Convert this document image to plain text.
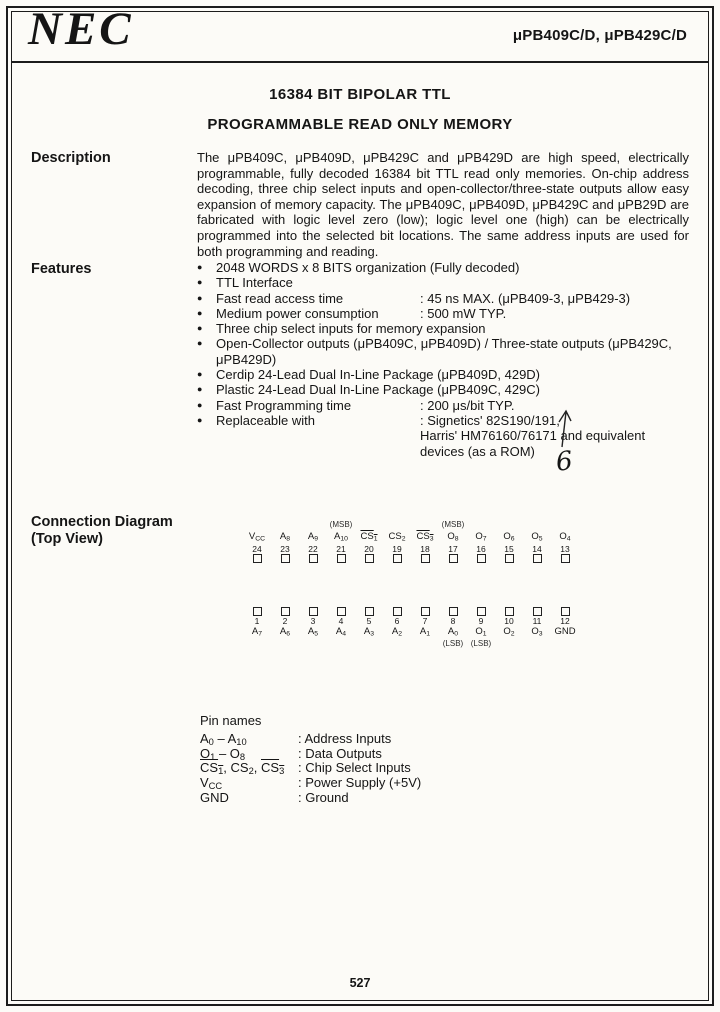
NEC	μPB409C/D, μPB429C/D
16384 BIT BIPOLAR TTL
PROGRAMMABLE READ ONLY MEMORY
Description	The μPB409C, μPB409D, μPB429C and μPB429D are high speed, electrically programmable, fully decoded 16384 bit TTL read only memories. On-chip address decoding, three chip select inputs and open-collector/three-state outputs allow easy expansion of memory capacity. The μPB409C, μPB409D, μPB429C and μPB29D are fabricated with logic level zero (low); logic level one (high) can be electrically programmed into the selected bit locations. The same address inputs are used for both programming and reading.

Features	●	2048 WORDS x 8 BITS organization (Fully decoded)
●	TTL Interface
●	Fast read access time	: 45 ns MAX. (μPB409-3, μPB429-3)
●	Medium power consumption	: 500 mW TYP.
●	Three chip select inputs for memory expansion
●	Open-Collector outputs (μPB409C, μPB409D) / Three-state outputs (μPB429C, μPB429D)
●	Cerdip 24-Lead Dual In-Line Package (μPB409D, 429D)
●	Plastic 24-Lead Dual In-Line Package (μPB409C, 429C)
●	Fast Programming time	: 200 μs/bit TYP.
●	Replaceable with	: Signetics' 82S190/191,
Harris' HM76160/76171 and equivalent
devices (as a ROM) 6
Connection Diagram
(Top View)
(MSB)	(MSB)
$V_{CC}$	$A_8$	$A_9$	$A_{10}$	$CS_1$	$CS_2$	$CS_3$	$O_8$	$O_7$	$O_6$	$O_5$	$O_4$
24	23	22	21	20	19	18	17	16	15	14	13
1	2	3	4	5	6	7	8	9	10	11	12
$A_7$	$A_6$	$A_5$	$A_4$	$A_3$	$A_2$	$A_1$	$A_0$	$O_1$	$O_2$	$O_3$	GND
(LSB) (LSB)
Pin names
$A_0 - A_{10}$	: Address Inputs
$O_1 - O_8$	: Data Outputs
$CS_1$, $CS_2$, $CS_3$ : Chip Select Inputs
$V_{CC}$	: Power Supply (+5V)
GND	: Ground
527
